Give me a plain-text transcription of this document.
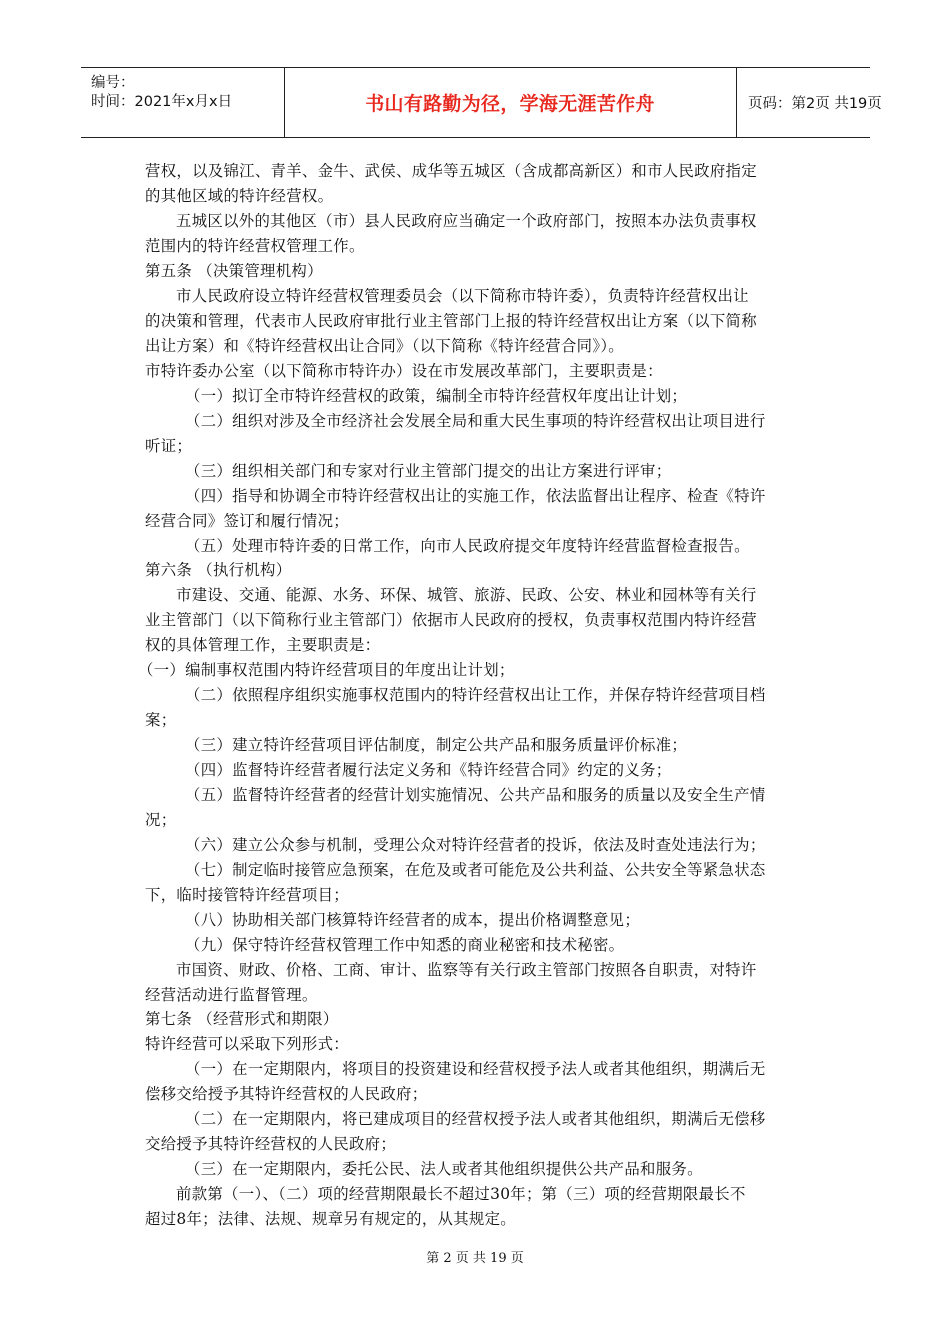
编号：
时间：2021年x月x日	书山有路勤为径，学海无涯苦作舟	页码：第2页 共19页
营权，以及锦江、青羊、金牛、武侯、成华等五城区（含成都高新区）和市人民政府指定
的其他区域的特许经营权。
五城区以外的其他区（市）县人民政府应当确定一个政府部门，按照本办法负责事权
范围内的特许经营权管理工作。
第五条 （决策管理机构）
市人民政府设立特许经营权管理委员会（以下简称市特许委），负责特许经营权出让
的决策和管理，代表市人民政府审批行业主管部门上报的特许经营权出让方案（以下简称
出让方案）和《特许经营权出让合同》（以下简称《特许经营合同》）。
市特许委办公室（以下简称市特许办）设在市发展改革部门，主要职责是：
（一）拟订全市特许经营权的政策，编制全市特许经营权年度出让计划；
（二）组织对涉及全市经济社会发展全局和重大民生事项的特许经营权出让项目进行
听证；
（三）组织相关部门和专家对行业主管部门提交的出让方案进行评审；
（四）指导和协调全市特许经营权出让的实施工作，依法监督出让程序、检查《特许
经营合同》签订和履行情况；
（五）处理市特许委的日常工作，向市人民政府提交年度特许经营监督检查报告。
第六条 （执行机构）
市建设、交通、能源、水务、环保、城管、旅游、民政、公安、林业和园林等有关行
业主管部门（以下简称行业主管部门）依据市人民政府的授权，负责事权范围内特许经营
权的具体管理工作，主要职责是：
（一）编制事权范围内特许经营项目的年度出让计划；
（二）依照程序组织实施事权范围内的特许经营权出让工作，并保存特许经营项目档
案；
（三）建立特许经营项目评估制度，制定公共产品和服务质量评价标准；
（四）监督特许经营者履行法定义务和《特许经营合同》约定的义务；
（五）监督特许经营者的经营计划实施情况、公共产品和服务的质量以及安全生产情
况；
（六）建立公众参与机制，受理公众对特许经营者的投诉，依法及时查处违法行为；
（七）制定临时接管应急预案，在危及或者可能危及公共利益、公共安全等紧急状态
下，临时接管特许经营项目；
（八）协助相关部门核算特许经营者的成本，提出价格调整意见；
（九）保守特许经营权管理工作中知悉的商业秘密和技术秘密。
市国资、财政、价格、工商、审计、监察等有关行政主管部门按照各自职责，对特许
经营活动进行监督管理。
第七条 （经营形式和期限）
特许经营可以采取下列形式：
（一）在一定期限内，将项目的投资建设和经营权授予法人或者其他组织，期满后无
偿移交给授予其特许经营权的人民政府；
（二）在一定期限内，将已建成项目的经营权授予法人或者其他组织，期满后无偿移
交给授予其特许经营权的人民政府；
（三）在一定期限内，委托公民、法人或者其他组织提供公共产品和服务。
前款第（一）、（二）项的经营期限最长不超过30年；第（三）项的经营期限最长不
超过8年；法律、法规、规章另有规定的，从其规定。
第 2 页 共 19 页
